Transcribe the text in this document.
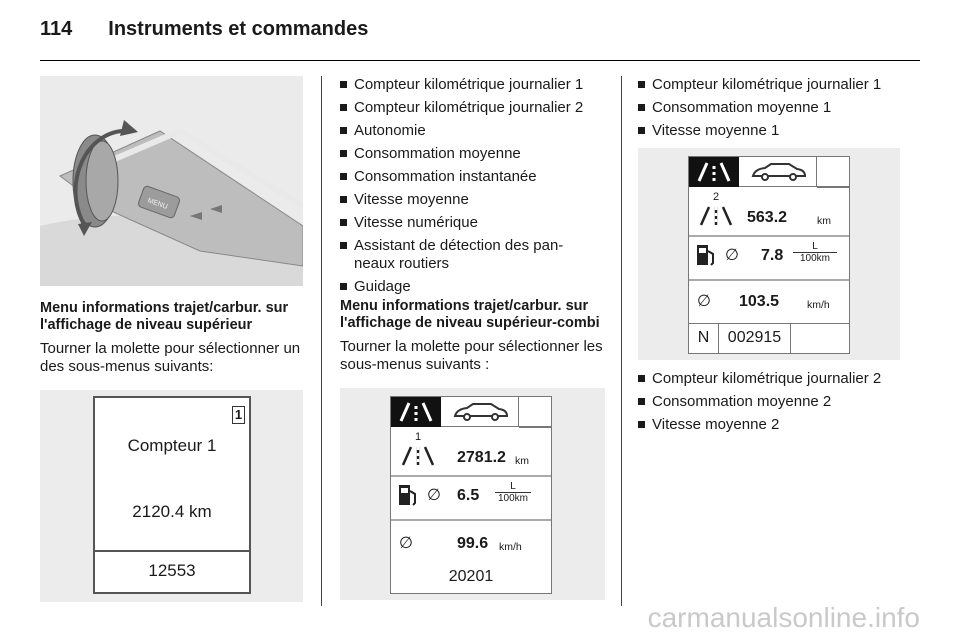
114 Instruments et commandes
MENU
Menu informations trajet/carbur. sur l'affichage de niveau supérieur
Tourner la molette pour sélectionner un des sous-menus suivants:
1
Compteur 1
2120.4 km
12553
Compteur kilométrique journalier 1
Compteur kilométrique journalier 2
Autonomie
Consommation moyenne
Consommation instantanée
Vitesse moyenne
Vitesse numérique
Assistant de détection des pan- neaux routiers
Guidage
Menu informations trajet/carbur. sur l'affichage de niveau supérieur-combi
Tourner la molette pour sélectionner les sous-menus suivants :
1
2781.2 km
∅ $6.5 \frac{L}{100km}$
∅	99.6 km/h
20201
Compteur kilométrique journalier 1
Consommation moyenne 1
Vitesse moyenne 1
2
563.2	km
∅ $7.8 \frac{L}{100km}$
∅ 103.5	km/h
N	002915
Compteur kilométrique journalier 2
Consommation moyenne 2
Vitesse moyenne 2
carmanualsonline.info
